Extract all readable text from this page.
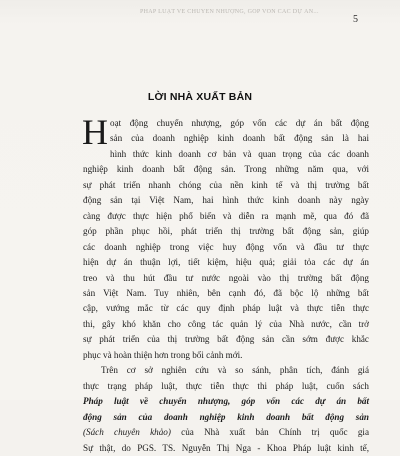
PHÁP LUẬT VỀ CHUYỂN NHƯỢNG, GÓP VỐN CÁC DỰ ÁN...
5
LỜI NHÀ XUẤT BẢN
H oạt động chuyển nhượng, góp vốn các dự án bất động
sản của doanh nghiệp kinh doanh bất động sản là hai
hình thức kinh doanh cơ bản và quan trọng của các doanh
nghiệp kinh doanh bất động sản. Trong những năm qua, với
sự phát triển nhanh chóng của nền kinh tế và thị trường bất
động sản tại Việt Nam, hai hình thức kinh doanh này ngày
càng được thực hiện phổ biến và diễn ra mạnh mẽ, qua đó đã
góp phần phục hồi, phát triển thị trường bất động sản, giúp
các doanh nghiệp trong việc huy động vốn và đầu tư thực
hiện dự án thuận lợi, tiết kiệm, hiệu quả; giải tỏa các dự án
treo và thu hút đầu tư nước ngoài vào thị trường bất động
sản Việt Nam. Tuy nhiên, bên cạnh đó, đã bộc lộ những bất
cập, vướng mắc từ các quy định pháp luật và thực tiễn thực
thi, gây khó khăn cho công tác quản lý của Nhà nước, cần trở
sự phát triển của thị trường bất động sản cần sớm được khắc
phục và hoàn thiện hơn trong bối cảnh mới.
Trên cơ sở nghiên cứu và so sánh, phân tích, đánh giá
thực trạng pháp luật, thực tiễn thực thi pháp luật, cuốn sách
Pháp luật về chuyển nhượng, góp vốn các dự án bất
động sản của doanh nghiệp kinh doanh bất động sản
(Sách chuyên khảo) của Nhà xuất bản Chính trị quốc gia
Sự thật, do PGS. TS. Nguyễn Thị Nga - Khoa Pháp luật kinh tế,
